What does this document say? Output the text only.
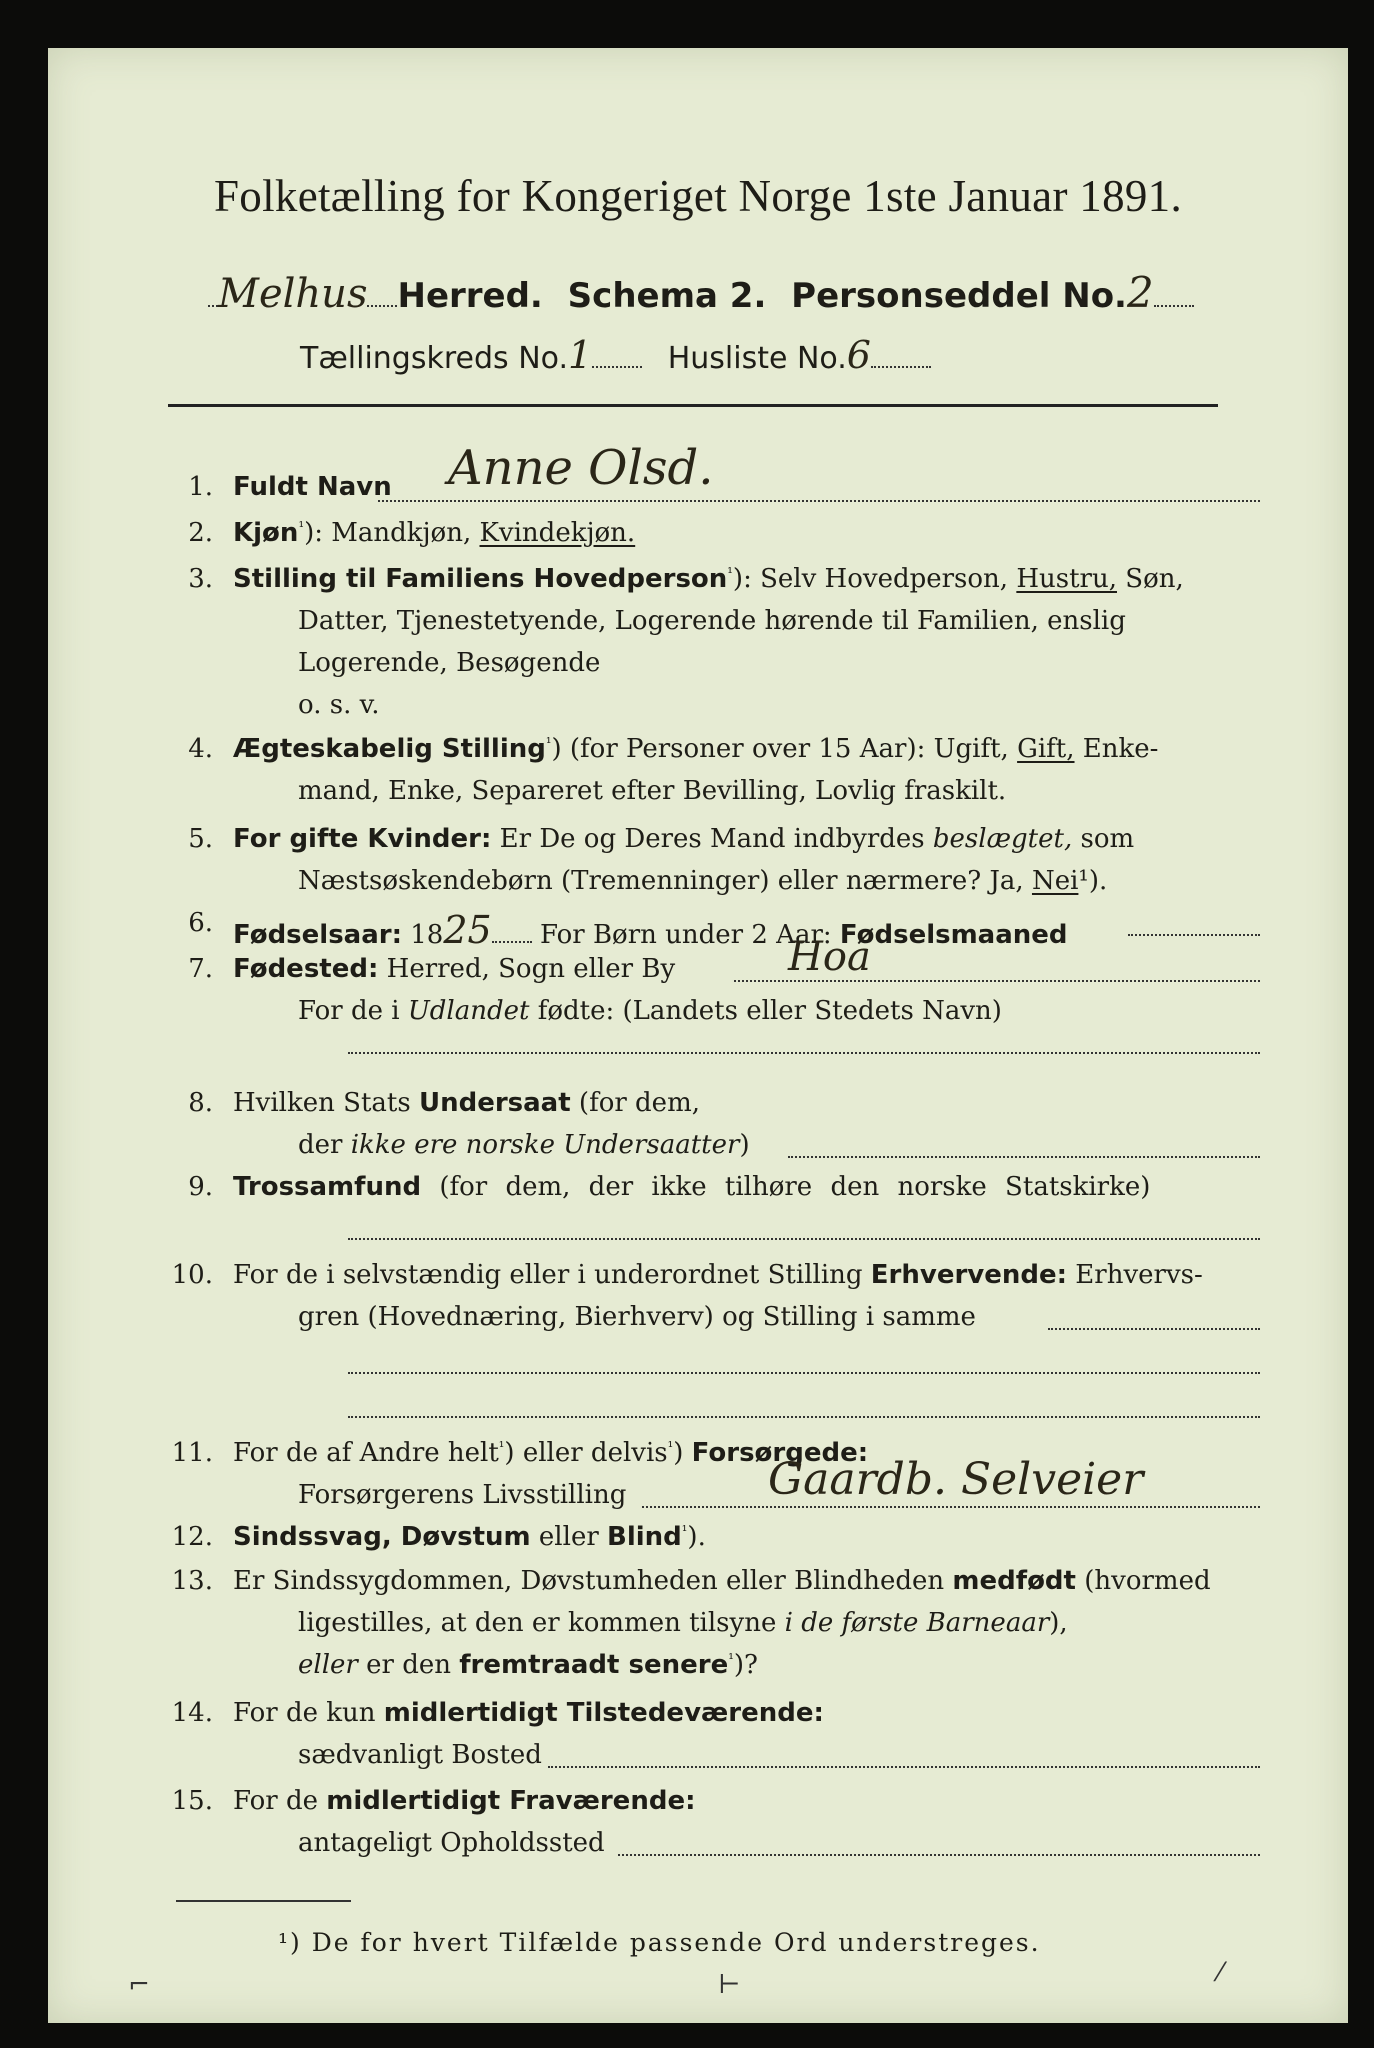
Folketælling for Kongeriget Norge 1ste Januar 1891.
Melhus Herred. Schema 2. Personseddel No.2
Tællingskreds No.1	Husliste No.6
1. Fuldt Navn Anne Olsd.
2. Kjøn$^{^1}$): Mandkjøn, Kvindekjøn.
3. Stilling til Familiens Hovedperson$^{^1}$): Selv Hovedperson, Hustru, Søn,
Datter, Tjenestetyende, Logerende hørende til Familien, enslig
Logerende, Besøgende
o. s. v.
4. Ægteskabelig Stilling$^{^1}$) (for Personer over 15 Aar): Ugift, Gift, Enke-
mand, Enke, Separeret efter Bevilling, Lovlig fraskilt.
5. For gifte Kvinder: Er De og Deres Mand indbyrdes beslægtet, som
Næstsøskendebørn (Tremenninger) eller nærmere? Ja, Nei¹).
6. Fødselsaar: 1825 For Børn under 2 Aar: Fødselsmaaned
7. Fødested: Herred, Sogn eller By	Hoa
For de i Udlandet fødte: (Landets eller Stedets Navn)
8. Hvilken Stats Undersaat (for dem,
der ikke ere norske Undersaatter)
9. Trossamfund (for dem, der ikke tilhøre den norske Statskirke)
10. For de i selvstændig eller i underordnet Stilling Erhvervende: Erhvervs-
gren (Hovednæring, Bierhverv) og Stilling i samme
11. For de af Andre helt$^{^1}$) eller delvis$^{^1}$) Forsørgede:
Forsørgerens Livsstilling	Gaardb. Selveier
12. Sindssvag, Døvstum eller Blind$^{^1}$).
13. Er Sindssygdommen, Døvstumheden eller Blindheden medfødt (hvormed
ligestilles, at den er kommen tilsyne i de første Barneaar),
eller er den fremtraadt senere$^{^1}$)?
14. For de kun midlertidigt Tilstedeværende:
sædvanligt Bosted
15. For de midlertidigt Fraværende:
antageligt Opholdssted
¹) De for hvert Tilfælde passende Ord understreges.
⌐	⊢	⁄
